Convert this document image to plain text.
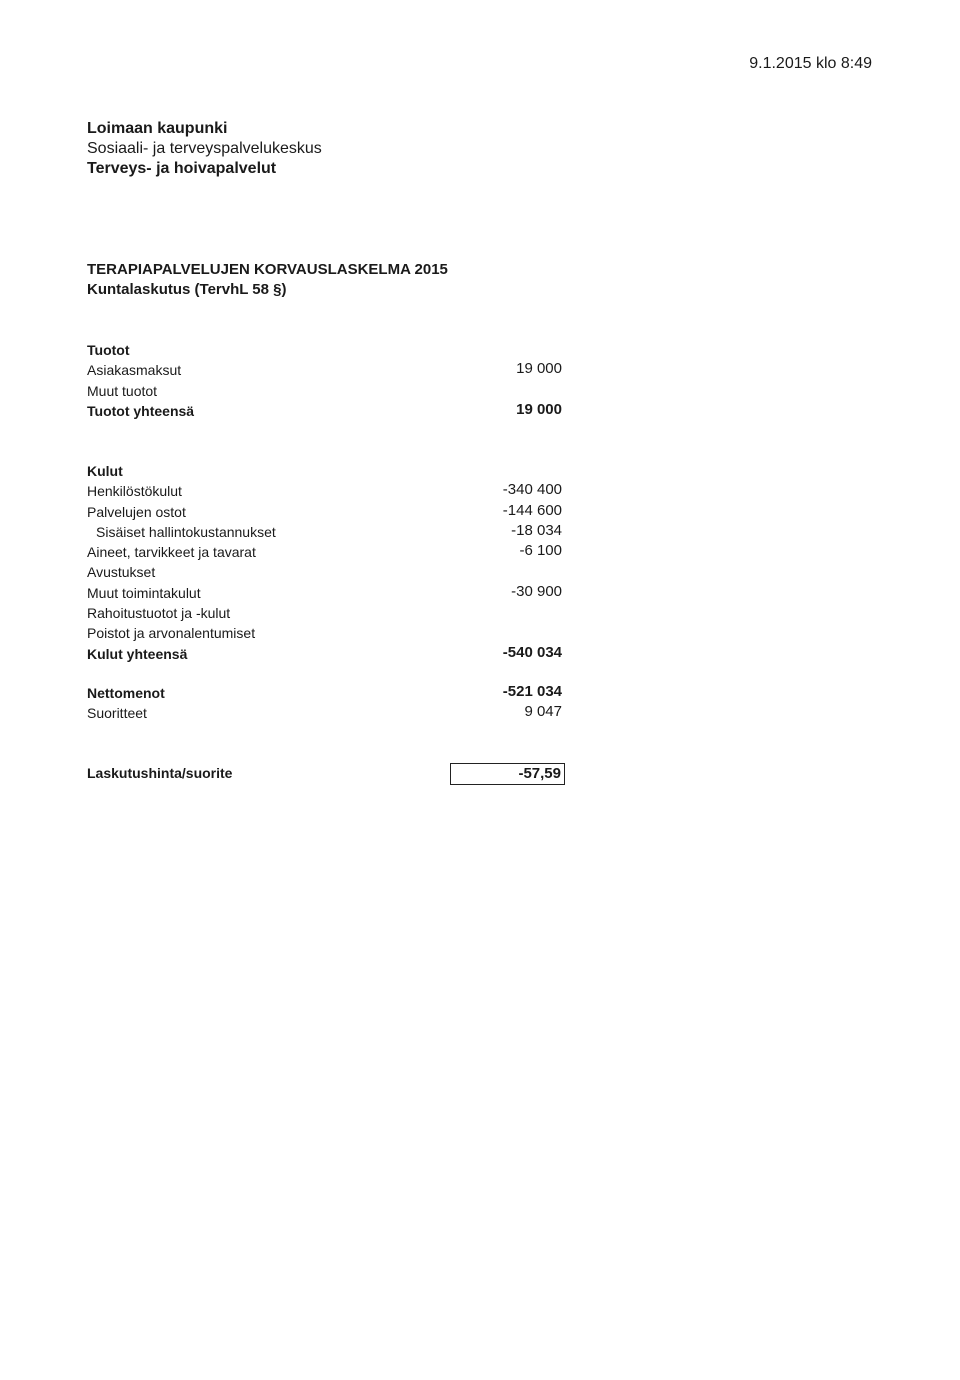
9.1.2015 klo 8:49
Loimaan kaupunki
Sosiaali- ja terveyspalvelukeskus
Terveys- ja hoivapalvelut
TERAPIAPALVELUJEN KORVAUSLASKELMA 2015
Kuntalaskutus (TervhL 58 §)
Tuotot
Asiakasmaksut	19 000
Muut tuotot
Tuotot yhteensä	19 000
Kulut
Henkilöstökulut	-340 400
Palvelujen ostot	-144 600
Sisäiset hallintokustannukset	-18 034
Aineet, tarvikkeet ja tavarat	-6 100
Avustukset
Muut toimintakulut	-30 900
Rahoitustuotot ja -kulut
Poistot ja arvonalentumiset
Kulut yhteensä	-540 034
Nettomenot	-521 034
Suoritteet	9 047
Laskutushinta/suorite	-57,59
